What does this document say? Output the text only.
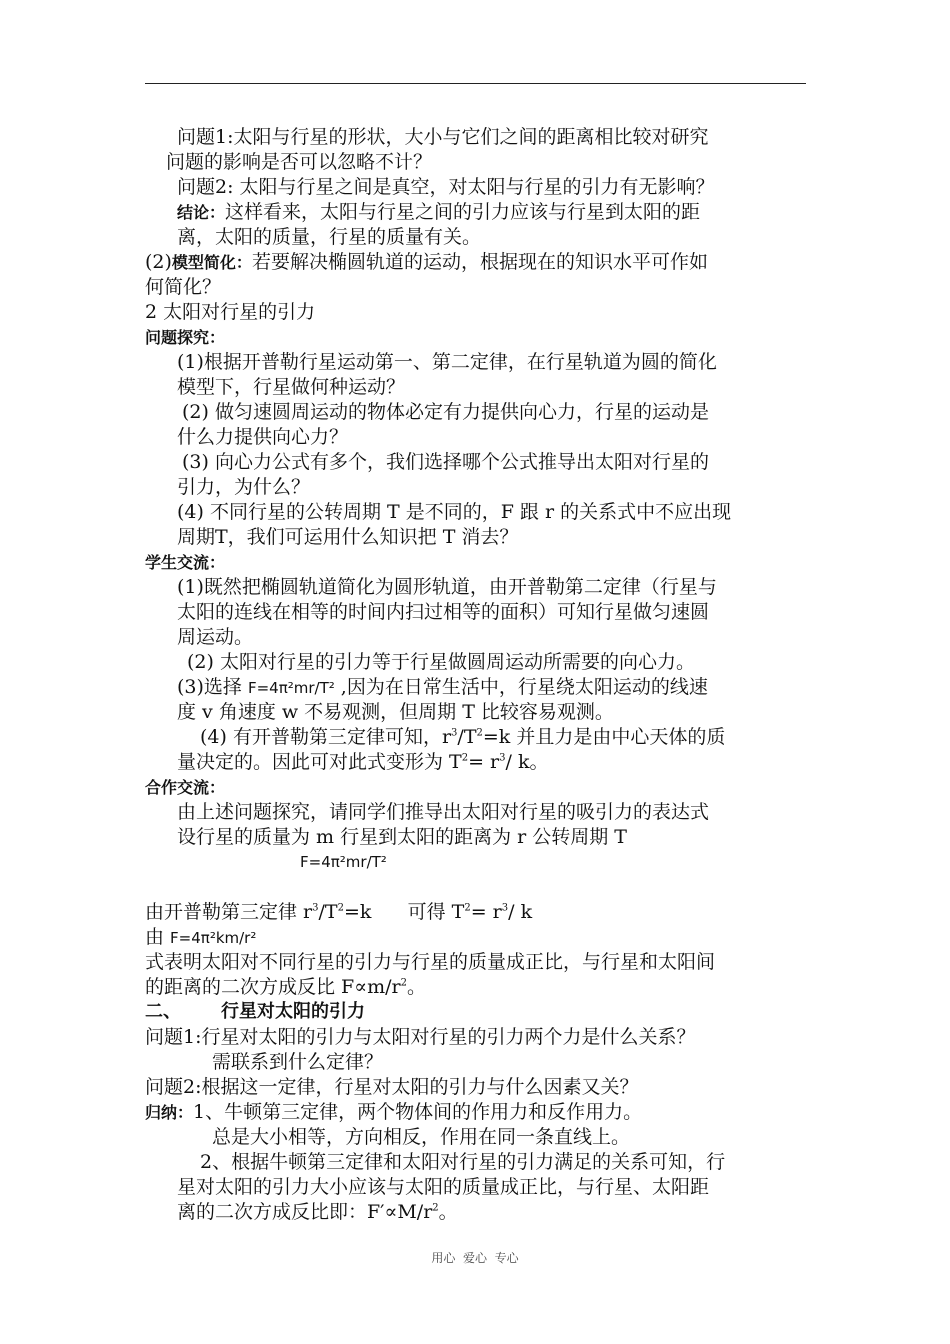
问题1:太阳与行星的形状，大小与它们之间的距离相比较对研究
问题的影响是否可以忽略不计？
问题2: 太阳与行星之间是真空，对太阳与行星的引力有无影响？
结论：这样看来，太阳与行星之间的引力应该与行星到太阳的距
离，太阳的质量，行星的质量有关。
(2)模型简化：若要解决椭圆轨道的运动，根据现在的知识水平可作如
何简化？
2 太阳对行星的引力
问题探究：
(1)根据开普勒行星运动第一、第二定律，在行星轨道为圆的简化
模型下，行星做何种运动？
(2) 做匀速圆周运动的物体必定有力提供向心力，行星的运动是
什么力提供向心力？
(3) 向心力公式有多个，我们选择哪个公式推导出太阳对行星的
引力，为什么？
(4) 不同行星的公转周期 T 是不同的，F 跟 r 的关系式中不应出现
周期T，我们可运用什么知识把 T 消去？
学生交流：
(1)既然把椭圆轨道简化为圆形轨道，由开普勒第二定律（行星与
太阳的连线在相等的时间内扫过相等的面积）可知行星做匀速圆
周运动。
(2) 太阳对行星的引力等于行星做圆周运动所需要的向心力。
(3)选择 F=4π²mr/T² ,因为在日常生活中，行星绕太阳运动的线速
度 v 角速度 w 不易观测，但周期 T 比较容易观测。
(4) 有开普勒第三定律可知，$r^3/T^2=k$ 并且力是由中心天体的质
量决定的。因此可对此式变形为 $T^2= r^3/$ k。
合作交流：
由上述问题探究，请同学们推导出太阳对行星的吸引力的表达式
设行星的质量为 m 行星到太阳的距离为 r 公转周期 T
F=4π²mr/T²
由开普勒第三定律 $r^3/T^2=k$      可得 $T^2= r^3/$ k
由 F=4π²km/r²
式表明太阳对不同行星的引力与行星的质量成正比，与行星和太阳间
的距离的二次方成反比 $F\propto m/r^2$。
二、 行星对太阳的引力
问题1:行星对太阳的引力与太阳对行星的引力两个力是什么关系？
需联系到什么定律？
问题2:根据这一定律，行星对太阳的引力与什么因素又关？
归纳：1、牛顿第三定律，两个物体间的作用力和反作用力。
总是大小相等，方向相反，作用在同一条直线上。
2、根据牛顿第三定律和太阳对行星的引力满足的关系可知，行
星对太阳的引力大小应该与太阳的质量成正比，与行星、太阳距
离的二次方成反比即：$F'\propto M/r^2$。
用心  爱心  专心
